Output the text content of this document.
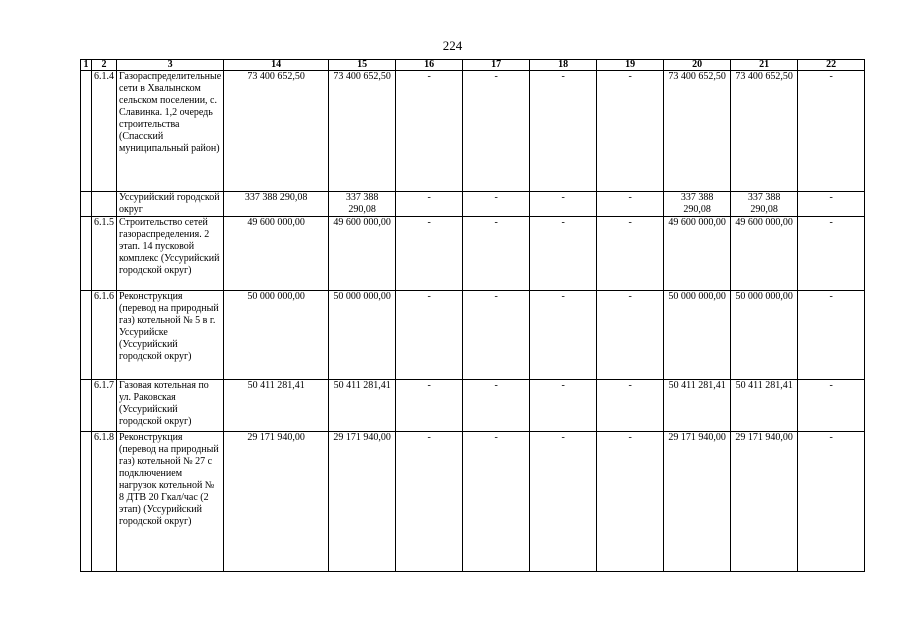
224
1	2	3	14	15	16	17	18	19	20	21	22
	6.1.4	Газораспределительные сети в Хвалынском сельском поселении, с. Славинка. 1,2 очередь строительства (Спасский муниципальный район)	73 400 652,50	73 400 652,50	-	-	-	-	73 400 652,50	73 400 652,50	-
		Уссурийский городской округ	337 388 290,08	337 388 290,08	-	-	-	-	337 388 290,08	337 388 290,08	-
	6.1.5	Строительство сетей газораспределения. 2 этап. 14 пусковой комплекс (Уссурийский городской округ)	49 600 000,00	49 600 000,00	-	-	-	-	49 600 000,00	49 600 000,00	-
	6.1.6	Реконструкция (перевод на природный газ) котельной № 5 в г. Уссурийске (Уссурийский городской округ)	50 000 000,00	50 000 000,00	-	-	-	-	50 000 000,00	50 000 000,00	-
	6.1.7	Газовая котельная по ул. Раковская (Уссурийский городской округ)	50 411 281,41	50 411 281,41	-	-	-	-	50 411 281,41	50 411 281,41	-
	6.1.8	Реконструкция (перевод на природный газ) котельной № 27 с подключением нагрузок котельной № 8 ДТВ 20 Гкал/час (2 этап) (Уссурийский городской округ)	29 171 940,00	29 171 940,00	-	-	-	-	29 171 940,00	29 171 940,00	-
